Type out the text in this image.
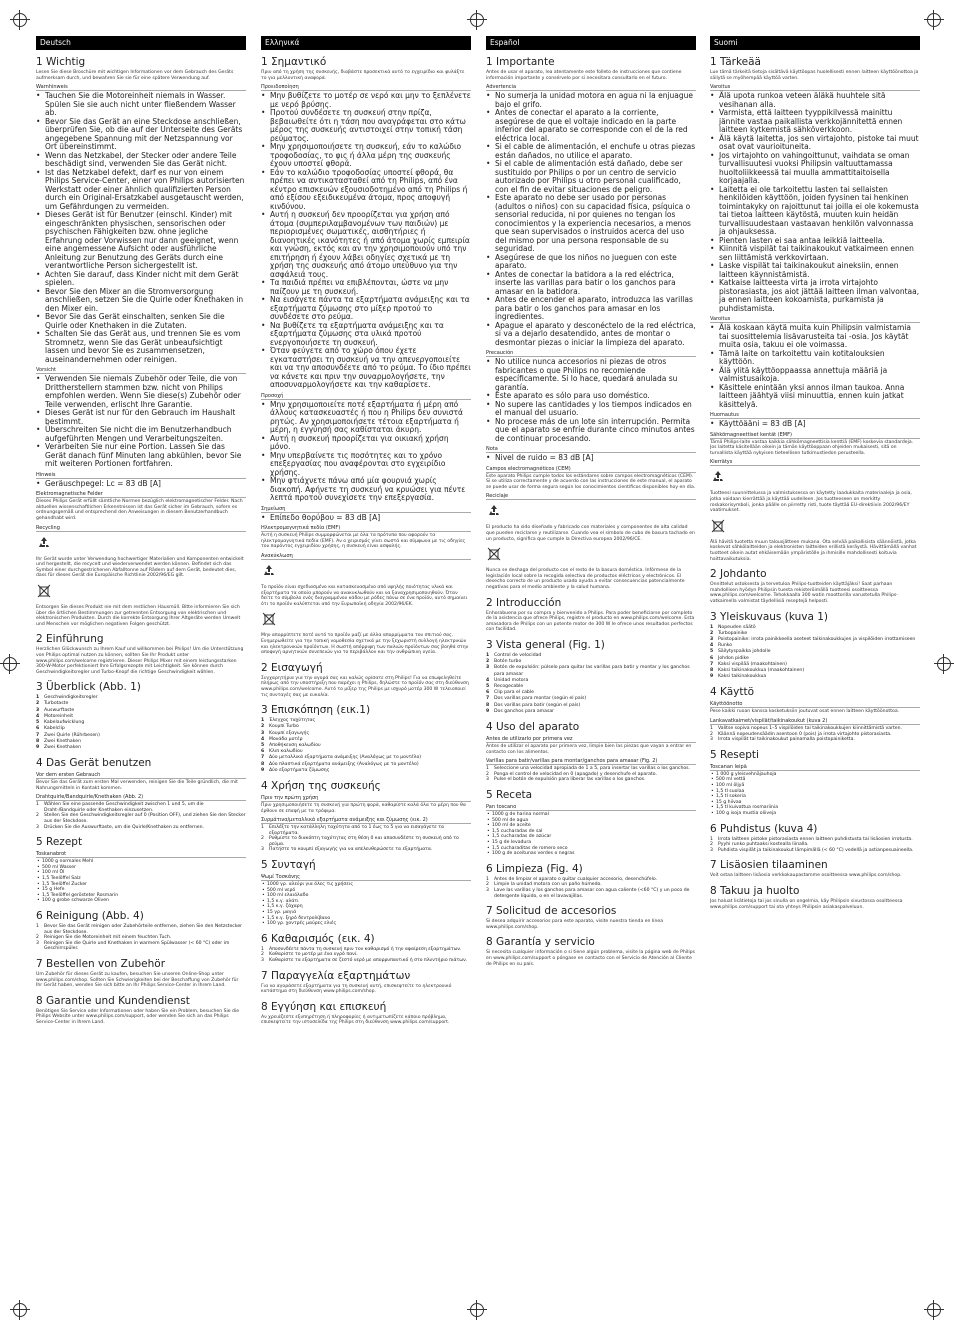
Deutsch
1 Wichtig

Lesen Sie diese Broschüre mit wichtigen Informationen vor dem Gebrauch des Geräts aufmerksam durch, und bewahren Sie sie für eine spätere Verwendung auf.

Warnhinweis
• Tauchen Sie die Motoreinheit niemals in Wasser. Spülen Sie sie auch nicht unter fließendem Wasser ab.
• Bevor Sie das Gerät an eine Steckdose anschließen, überprüfen Sie, ob die auf der Unterseite des Geräts angegebene Spannung mit der Netzspannung vor Ort übereinstimmt.
• Wenn das Netzkabel, der Stecker oder andere Teile beschädigt sind, verwenden Sie das Gerät nicht.
• Ist das Netzkabel defekt, darf es nur von einem Philips Service-Center, einer von Philips autorisierten Werkstatt oder einer ähnlich qualifizierten Person durch ein Original-Ersatzkabel ausgetauscht werden, um Gefährdungen zu vermeiden.
• Dieses Gerät ist für Benutzer (einschl. Kinder) mit eingeschränkten physischen, sensorischen oder psychischen Fähigkeiten bzw. ohne jegliche Erfahrung oder Vorwissen nur dann geeignet, wenn eine angemessene Aufsicht oder ausführliche Anleitung zur Benutzung des Geräts durch eine verantwortliche Person sichergestellt ist.
• Achten Sie darauf, dass Kinder nicht mit dem Gerät spielen.
• Bevor Sie den Mixer an die Stromversorgung anschließen, setzen Sie die Quirle oder Knethaken in den Mixer ein.
• Bevor Sie das Gerät einschalten, senken Sie die Quirle oder Knethaken in die Zutaten.
• Schalten Sie das Gerät aus, und trennen Sie es vom Stromnetz, wenn Sie das Gerät unbeaufsichtigt lassen und bevor Sie es zusammensetzen, auseinandernehmen oder reinigen.
Vorsicht
• Verwenden Sie niemals Zubehör oder Teile, die von Drittherstellern stammen bzw. nicht von Philips empfohlen werden. Wenn Sie diese(s) Zubehör oder Teile verwenden, erlischt Ihre Garantie.
• Dieses Gerät ist nur für den Gebrauch im Haushalt bestimmt.
• Überschreiten Sie nicht die im Benutzerhandbuch aufgeführten Mengen und Verarbeitungszeiten.
• Verarbeiten Sie nur eine Portion. Lassen Sie das Gerät danach fünf Minuten lang abkühlen, bevor Sie mit weiteren Portionen fortfahren.
Hinweis
• Geräuschpegel: Lc = 83 dB [A]
Elektromagnetische Felder

Dieses Philips Gerät erfüllt sämtliche Normen bezüglich elektromagnetischer Felder. Nach aktuellen wissenschaftlichen Erkenntnissen ist das Gerät sicher im Gebrauch, sofern es ordnungsgemäß und entsprechend den Anweisungen in diesem Benutzerhandbuch gehandhabt wird.

Recycling

Ihr Gerät wurde unter Verwendung hochwertiger Materialien und Komponenten entwickelt und hergestellt, die recycelt und wiederverwendet werden können. Befindet sich das Symbol einer durchgestrichenen Abfalltonne auf Rädern auf dem Gerät, bedeutet dies, dass für dieses Gerät die Europäische Richtlinie 2002/96/EG gilt.

Entsorgen Sie dieses Produkt nie mit dem restlichen Hausmüll. Bitte informieren Sie sich über die örtlichen Bestimmungen zur getrennten Entsorgung von elektrischen und elektronischen Produkten. Durch die korrekte Entsorgung Ihrer Altgeräte werden Umwelt und Menschen vor möglichen negativen Folgen geschützt.

2 Einführung

Herzlichen Glückwunsch zu Ihrem Kauf und willkommen bei Philips! Um die Unterstützung von Philips optimal nutzen zu können, sollten Sie Ihr Produkt unter www.philips.com/welcome registrieren. Dieser Philips Mixer mit einem leistungsstarken 300-W-Motor perfektioniert Ihre Erfolgsrezepte mit Leichtigkeit. Sie können durch Geschwindigkeitsregler und Turbo-Knopf die richtige Geschwindigkeit wählen.

3 Überblick (Abb. 1)
1 Geschwindigkeitsregler
2 Turbotaste
3 Auswurftaste
4 Motoreinheit
5 Kabelaufwicklung
6 Kabelclip
7 Zwei Quirle (Rührbesen)
8 Zwei Knethaken
9 Zwei Knethaken
4 Das Gerät benutzen
Vor dem ersten Gebrauch

Bevor Sie das Gerät zum ersten Mal verwenden, reinigen Sie die Teile gründlich, die mit Nahrungsmitteln in Kontakt kommen.

Drahtquirle/Bandquirle/Knethaken (Abb. 2)
1 Wählen Sie eine passende Geschwindigkeit zwischen 1 und 5, um die Draht-/Bandquirle oder Knethaken einzusetzen.
2 Stellen Sie den Geschwindigkeitsregler auf 0 (Position OFF), und ziehen Sie den Stecker aus der Steckdose.
3 Drücken Sie die Auswurftaste, um die Quirle/Knethaken zu entfernen.
5 Rezept
Toskanabrot
• 1000 g normales Mehl
• 500 ml Wasser
• 100 ml Öl
• 1,5 Teelöffel Salz
• 1,5 Teelöffel Zucker
• 15 g Hefe
• 1,5 Teelöffel gerösteter Rosmarin
• 100 g grobe schwarze Oliven
6 Reinigung (Abb. 4)
1 Bevor Sie das Gerät reinigen oder Zubehörteile entfernen, ziehen Sie den Netzstecker aus der Steckdose.
2 Reinigen Sie die Motoreinheit mit einem feuchten Tuch.
3 Reinigen Sie die Quirle und Knethaken in warmem Spülwasser (< 60 °C) oder im Geschirrspüler.
7 Bestellen von Zubehör

Um Zubehör für dieses Gerät zu kaufen, besuchen Sie unseren Online-Shop unter www.philips.com/shop. Sollten Sie Schwierigkeiten bei der Beschaffung von Zubehör für Ihr Gerät haben, wenden Sie sich bitte an Ihr Philips Service-Center in Ihrem Land.

8 Garantie und Kundendienst

Benötigen Sie Service oder Informationen oder haben Sie ein Problem, besuchen Sie die Philips Website unter www.philips.com/support, oder wenden Sie sich an das Philips Service-Center in Ihrem Land.

Ελληνικά
1 Σημαντικό

Πριν από τη χρήση της συσκευής, διαβάστε προσεκτικά αυτό το εγχειρίδιο και φυλάξτε το για μελλοντική αναφορά.

Προειδοποίηση
• Μην βυθίζετε το μοτέρ σε νερό και μην το ξεπλένετε με νερό βρύσης.
• Προτού συνδέσετε τη συσκευή στην πρίζα, βεβαιωθείτε ότι η τάση που αναγράφεται στο κάτω μέρος της συσκευής αντιστοιχεί στην τοπική τάση ρεύματος.
• Μην χρησιμοποιήσετε τη συσκευή, εάν το καλώδιο τροφοδοσίας, το φις ή άλλα μέρη της συσκευής έχουν υποστεί φθορά.
• Εάν το καλώδιο τροφοδοσίας υποστεί φθορά, θα πρέπει να αντικατασταθεί από τη Philips, από ένα κέντρο επισκευών εξουσιοδοτημένο από τη Philips ή από εξίσου εξειδικευμένα άτομα, προς αποφυγή κινδύνου.
• Αυτή η συσκευή δεν προορίζεται για χρήση από άτομα (συμπεριλαμβανομένων των παιδιών) με περιορισμένες σωματικές, αισθητήριες ή διανοητικές ικανότητες ή από άτομα χωρίς εμπειρία και γνώση, εκτός και αν την χρησιμοποιούν υπό την επιτήρηση ή έχουν λάβει οδηγίες σχετικά με τη χρήση της συσκευής από άτομο υπεύθυνο για την ασφάλειά τους.
• Τα παιδιά πρέπει να επιβλέπονται, ώστε να μην παίζουν με τη συσκευή.
• Να εισάγετε πάντα τα εξαρτήματα ανάμειξης και τα εξαρτήματα ζύμωσης στο μίξερ προτού το συνδέσετε στο ρεύμα.
• Να βυθίζετε τα εξαρτήματα ανάμειξης και τα εξαρτήματα ζύμωσης στα υλικά προτού ενεργοποιήσετε τη συσκευή.
• Όταν φεύγετε από το χώρο όπου έχετε εγκαταστήσει τη συσκευή να την απενεργοποιείτε και να την αποσυνδέετε από το ρεύμα. Το ίδιο πρέπει να κάνετε και πριν την συναρμολογήσετε, την αποσυναρμολογήσετε και την καθαρίσετε.
Προσοχή
• Μην χρησιμοποιείτε ποτέ εξαρτήματα ή μέρη από άλλους κατασκευαστές ή που η Philips δεν συνιστά ρητώς. Αν χρησιμοποιήσετε τέτοια εξαρτήματα ή μέρη, η εγγύησή σας καθίσταται άκυρη.
• Αυτή η συσκευή προορίζεται για οικιακή χρήση μόνο.
• Μην υπερβαίνετε τις ποσότητες και το χρόνο επεξεργασίας που αναφέρονται στο εγχειρίδιο χρήσης.
• Μην φτιάχνετε πάνω από μία φουρνιά χωρίς διακοπή. Αφήνετε τη συσκευή να κρυώσει για πέντε λεπτά προτού συνεχίσετε την επεξεργασία.
Σημείωση
• Επίπεδο θορύβου = 83 dB [A]
Ηλεκτρομαγνητικά πεδία (EMF)

Αυτή η συσκευή Philips συμμορφώνεται με όλα τα πρότυπα που αφορούν τα ηλεκτρομαγνητικά πεδία (EMF). Αν ο χειρισμός γίνει σωστά και σύμφωνα με τις οδηγίες του παρόντος εγχειριδίου χρήσης, η συσκευή είναι ασφαλής.

Ανακύκλωση

Το προϊόν είναι σχεδιασμένο και κατασκευασμένο από υψηλής ποιότητας υλικά και εξαρτήματα τα οποία μπορούν να ανακυκλωθούν και να ξαναχρησιμοποιηθούν. Όταν δείτε το σύμβολο ενός διαγραμμένου κάδου με ρόδες πάνω σε ένα προϊόν, αυτό σημαίνει ότι το προϊόν καλύπτεται από την Ευρωπαϊκή οδηγία 2002/96/ΕΚ.

Μην απορρίπτετε ποτέ αυτό το προϊόν μαζί με άλλα απορρίμματα του σπιτιού σας. Ενημερωθείτε για την τοπική νομοθεσία σχετικά με την ξεχωριστή συλλογή ηλεκτρικών και ηλεκτρονικών προϊόντων. Η σωστή απόρριψη των παλιών προϊόντων σας βοηθά στην αποφυγή αρνητικών συνεπειών για το περιβάλλον και την ανθρώπινη υγεία.

2 Εισαγωγή

Συγχαρητήρια για την αγορά σας και καλώς ορίσατε στη Philips! Για να επωφεληθείτε πλήρως από την υποστήριξη που παρέχει η Philips, δηλώστε το προϊόν σας στη διεύθυνση www.philips.com/welcome. Αυτό το μίξερ της Philips με ισχυρό μοτέρ 300 W τελειοποιεί τις συνταγές σας με ευκολία.

3 Επισκόπηση (εικ.1)
1 Έλεγχος ταχύτητας
2 Κουμπί Turbo
3 Κουμπί εξαγωγής
4 Μονάδα μοτέρ
5 Αποθήκευση καλωδίου
6 Κλιπ καλωδίου
7 Δύο μεταλλικά εξαρτήματα ανάμειξης (Αναλόγως με το μοντέλο)
8 Δύο πλαστικά εξαρτήματα ανάμειξης (Αναλόγως με το μοντέλο)
9 Δύο εξαρτήματα ζύμωσης
4 Χρήση της συσκευής
Πριν την πρώτη χρήση

Πριν χρησιμοποιήσετε τη συσκευή για πρώτη φορά, καθαρίστε καλά όλα τα μέρη που θα έρθουν σε επαφή με τα τρόφιμα.

Συρμάτινα/μεταλλικά εξαρτήματα ανάμειξης και ζύμωσης (εικ. 2)
1 Επιλέξτε την κατάλληλη ταχύτητα από το 1 έως το 5 για να εισαγάγετε τα εξαρτήματα.
2 Ρυθμίστε το διακόπτη ταχύτητας στη θέση 0 και αποσυνδέστε τη συσκευή από το ρεύμα.
3 Πατήστε το κουμπί εξαγωγής για να απελευθερώσετε τα εξαρτήματα.
5 Συνταγή
Ψωμί Τοσκάνης
• 1000 γρ. αλεύρι για όλες τις χρήσεις
• 500 ml νερό
• 100 ml ελαιόλαδο
• 1,5 κ.γ. αλάτι
• 1,5 κ.γ. ζάχαρη
• 15 γρ. μαγιά
• 1,5 κ.γ. ξηρό δεντρολίβανο
• 100 γρ. χοντρές μαύρες ελιές
6 Καθαρισμός (εικ. 4)
1 Αποσυνδέετε πάντα τη συσκευή πριν τον καθαρισμό ή την αφαίρεση εξαρτημάτων.
2 Καθαρίστε το μοτέρ με ένα υγρό πανί.
3 Καθαρίστε τα εξαρτήματα σε ζεστό νερό με απορρυπαντικό ή στο πλυντήριο πιάτων.
7 Παραγγελία εξαρτημάτων

Για να αγοράσετε εξαρτήματα για τη συσκευή αυτή, επισκεφτείτε το ηλεκτρονικό κατάστημα στη διεύθυνση www.philips.com/shop.

8 Εγγύηση και επισκευή

Αν χρειάζεστε εξυπηρέτηση ή πληροφορίες ή αντιμετωπίζετε κάποιο πρόβλημα, επισκεφτείτε την ιστοσελίδα της Philips στη διεύθυνση www.philips.com/support.

Español
1 Importante

Antes de usar el aparato, lea atentamente este folleto de instrucciones que contiene información importante y consérvelo por si necesitara consultarlo en el futuro.

Advertencia
• No sumerja la unidad motora en agua ni la enjuague bajo el grifo.
• Antes de conectar el aparato a la corriente, asegúrese de que el voltaje indicado en la parte inferior del aparato se corresponde con el de la red eléctrica local.
• Si el cable de alimentación, el enchufe u otras piezas están dañados, no utilice el aparato.
• Si el cable de alimentación está dañado, debe ser sustituido por Philips o por un centro de servicio autorizado por Philips u otro personal cualificado, con el fin de evitar situaciones de peligro.
• Este aparato no debe ser usado por personas (adultos o niños) con su capacidad física, psíquica o sensorial reducida, ni por quienes no tengan los conocimientos y la experiencia necesarios, a menos que sean supervisados o instruidos acerca del uso del mismo por una persona responsable de su seguridad.
• Asegúrese de que los niños no jueguen con este aparato.
• Antes de conectar la batidora a la red eléctrica, inserte las varillas para batir o los ganchos para amasar en la batidora.
• Antes de encender el aparato, introduzca las varillas para batir o los ganchos para amasar en los ingredientes.
• Apague el aparato y desconéctelo de la red eléctrica, si va a dejarlo desatendido, antes de montar o desmontar piezas o iniciar la limpieza del aparato.
Precaución
• No utilice nunca accesorios ni piezas de otros fabricantes o que Philips no recomiende específicamente. Si lo hace, quedará anulada su garantía.
• Este aparato es sólo para uso doméstico.
• No supere las cantidades y los tiempos indicados en el manual del usuario.
• No procese más de un lote sin interrupción. Permita que el aparato se enfríe durante cinco minutos antes de continuar procesando.
Nota
• Nivel de ruido = 83 dB [A]
Campos electromagnéticos (CEM)

Este aparato Philips cumple todos los estándares sobre campos electromagnéticos (CEM). Si se utiliza correctamente y de acuerdo con las instrucciones de este manual, el aparato se puede usar de forma segura según los conocimientos científicos disponibles hoy en día.

Reciclaje

El producto ha sido diseñado y fabricado con materiales y componentes de alta calidad que pueden reciclarse y reutilizarse. Cuando vea el símbolo de cubo de basura tachado en un producto, significa que cumple la Directiva europea 2002/96/CE.

Nunca se deshaga del producto con el resto de la basura doméstica. Infórmese de la legislación local sobre la recogida selectiva de productos eléctricos y electrónicos. El desecho correcto de un producto usado ayuda a evitar consecuencias potencialmente negativas para el medio ambiente y la salud humana.

2 Introducción

Enhorabuena por su compra y bienvenido a Philips. Para poder beneficiarse por completo de la asistencia que ofrece Philips, registre el producto en www.philips.com/welcome. Esta amasadora de Philips con un potente motor de 300 W le ofrece unos resultados perfectos con facilidad.

3 Vista general (Fig. 1)
1 Control de velocidad
2 Botón turbo
3 Botón de expulsión: púlselo para quitar las varillas para batir y montar y los ganchos para amasar
4 Unidad motora
5 Recogecable
6 Clip para el cable
7 Dos varillas para montar (según el país)
8 Dos varillas para batir (según el país)
9 Dos ganchos para amasar
4 Uso del aparato
Antes de utilizarlo por primera vez

Antes de utilizar el aparato por primera vez, limpie bien las piezas que vayan a entrar en contacto con los alimentos.

Varillas para batir/varillas para montar/ganchos para amasar (Fig. 2)
1 Seleccione una velocidad apropiada de 1 a 5, para insertar las varillas o los ganchos.
2 Ponga el control de velocidad en 0 (apagado) y desenchufe el aparato.
3 Pulse el botón de expulsión para liberar las varillas o los ganchos.
5 Receta
Pan toscano
• 1000 g de harina normal
• 500 ml de agua
• 100 ml de aceite
• 1,5 cucharadas de sal
• 1,5 cucharadas de azúcar
• 15 g de levadura
• 1,5 cucharaditas de romero seco
• 100 g de aceitunas verdes o negras
6 Limpieza (Fig. 4)
1 Antes de limpiar el aparato o quitar cualquier accesorio, desenchúfelo.
2 Limpie la unidad motora con un paño húmedo.
3 Lave las varillas y los ganchos para amasar con agua caliente (<60 °C) y un poco de detergente líquido, o en el lavavajillas.
7 Solicitud de accesorios

Si desea adquirir accesorios para este aparato, visite nuestra tienda en línea www.philips.com/shop.

8 Garantía y servicio

Si necesita cualquier información o si tiene algún problema, visite la página web de Philips en www.philips.com/support o póngase en contacto con el Servicio de Atención al Cliente de Philips en su país.

Suomi
1 Tärkeää

Lue tämä tärkeitä tietoja sisältävä käyttöopas huolellisesti ennen laitteen käyttöönottoa ja säilytä se myöhempää käyttöä varten.

Varoitus
• Älä upota runkoa veteen äläkä huuhtele sitä vesihanan alla.
• Varmista, että laitteen tyyppikilvessä mainittu jännite vastaa paikallista verkkojännitettä ennen laitteen kytkemistä sähköverkkoon.
• Älä käytä laitetta, jos sen virtajohto, pistoke tai muut osat ovat vaurioituneita.
• Jos virtajohto on vahingoittunut, vaihdata se oman turvallisuutesi vuoksi Philipsin valtuuttamassa huoltoliikkeessä tai muulla ammattitaitoisella korjaajalla.
• Laitetta ei ole tarkoitettu lasten tai sellaisten henkilöiden käyttöön, joiden fyysinen tai henkinen toimintakyky on rajoittunut tai joilla ei ole kokemusta tai tietoa laitteen käytöstä, muuten kuin heidän turvallisuudestaan vastaavan henkilön valvonnassa ja ohjauksessa.
• Pienten lasten ei saa antaa leikkiä laitteella.
• Kiinnitä vispilät tai taikinakoukut vatkaimeen ennen sen liittämistä verkkovirtaan.
• Laske vispilät tai taikinakoukut aineksiin, ennen laitteen käynnistämistä.
• Katkaise laitteesta virta ja irrota virtajohto pistorasiasta, jos aiot jättää laitteen ilman valvontaa, ja ennen laitteen kokoamista, purkamista ja puhdistamista.
Varoitus
• Älä koskaan käytä muita kuin Philipsin valmistamia tai suosittelemia lisävarusteita tai -osia. Jos käytät muita osia, takuu ei ole voimassa.
• Tämä laite on tarkoitettu vain kotitalouksien käyttöön.
• Älä ylitä käyttöoppaassa annettuja määriä ja valmistusaikoja.
• Käsittele enintään yksi annos ilman taukoa. Anna laitteen jäähtyä viisi minuuttia, ennen kuin jatkat käsittelyä.
Huomautus
• Käyttöääni = 83 dB [A]
Sähkömagneettiset kentät (EMF)

Tämä Philips-laite vastaa kaikkia sähkömagneettisia kenttiä (EMF) koskevia standardeja. Jos laitetta käsitellään oikein ja tämän käyttöoppaan ohjeiden mukaisesti, sitä on turvallista käyttää nykyisen tieteellisen tutkimustiedon perusteella.

Kierrätys

Tuotteesi suunnittelussa ja valmistuksessa on käytetty laadukkaita materiaaleja ja osia, jotka voidaan kierrättää ja käyttää uudelleen. Jos tuotteeseen on merkitty roskakorisymboli, jonka päälle on piirretty risti, tuote täyttää EU-direktiivin 2002/96/EY vaatimukset.

Älä hävitä tuotetta muun talousjätteen mukana. Ota selvää paikallisista säännöistä, jotka koskevat sähkölaitteiden ja elektronisten laitteiden erillistä keräystä. Hävittämällä vanhat tuotteet oikein autat ehkäisemään ympäristölle ja ihmisille mahdollisesti koituvia haittavaikutuksia.

2 Johdanto

Onnittelut ostoksesta ja tervetuloa Philips-tuotteiden käyttäjäksi! Saat parhaan mahdollisen hyödyn Philipsin tuesta rekisteröimällä tuotteesi osoitteessa www.philips.com/welcome. Tehokkaalla 300 watin moottorilla varustetulla Philips-vatkaimella valmistat täydellisiä reseptejä helposti.

3 Yleiskuvaus (kuva 1)
1 Nopeuden säätö
2 Turbopainike
3 Poistopainike: irrota painikkeella aseteet taikinakoukkujen ja vispilöiden irrottamiseen
4 Runko
5 Säilytyspaikka johdolle
6 Johdon pidike
7 Kaksi vispilää (maakohtainen)
8 Kaksi taikinakoukkua (maakohtainen)
9 Kaksi taikinakoukkua
4 Käyttö
Käyttöönotto

Pese kaikki ruoan kanssa kosketuksiin joutuvat osat ennen laitteen käyttöönottoa.

Lankavatkaimet/vispilät/taikinakoukut (kuva 2)
1 Valitse sopiva nopeus 1–5 vispilöiden tai taikinakoukkujen kiinnittämistä varten.
2 Käännä nopeudensäädin asentoon 0 (pois) ja irrota virtajohto pistorasiasta.
3 Irrota vispilät tai taikinakoukut painamalla poistopainiketta.
5 Resepti
Toscanan leipä
• 1 000 g yleisvehnäjauhoja
• 500 ml vettä
• 100 ml öljyä
• 1,5 tl suolaa
• 1,5 tl sokeria
• 15 g hiivaa
• 1,5 tl kuivattua rosmariinia
• 100 g isoja mustia oliiveja
6 Puhdistus (kuva 4)
1 Irrota laitteen pistoke pistorasiasta ennen laitteen puhdistusta tai lisäosien irrotusta.
2 Pyyhi runko puhtaaksi kostealla liinalla.
3 Puhdista vispilät ja taikinakoukut lämpimällä (< 60 °C) vedellä ja astianpesuaineella.
7 Lisäosien tilaaminen

Voit ostaa laitteen lisäosia verkkokaupastamme osoitteessa www.philips.com/shop.

8 Takuu ja huolto

Jos haluat lisätietoja tai jos sinulla on ongelmia, käy Philipsin sivustossa osoitteessa www.philips.com/support tai ota yhteys Philipsin asiakaspalveluun.
